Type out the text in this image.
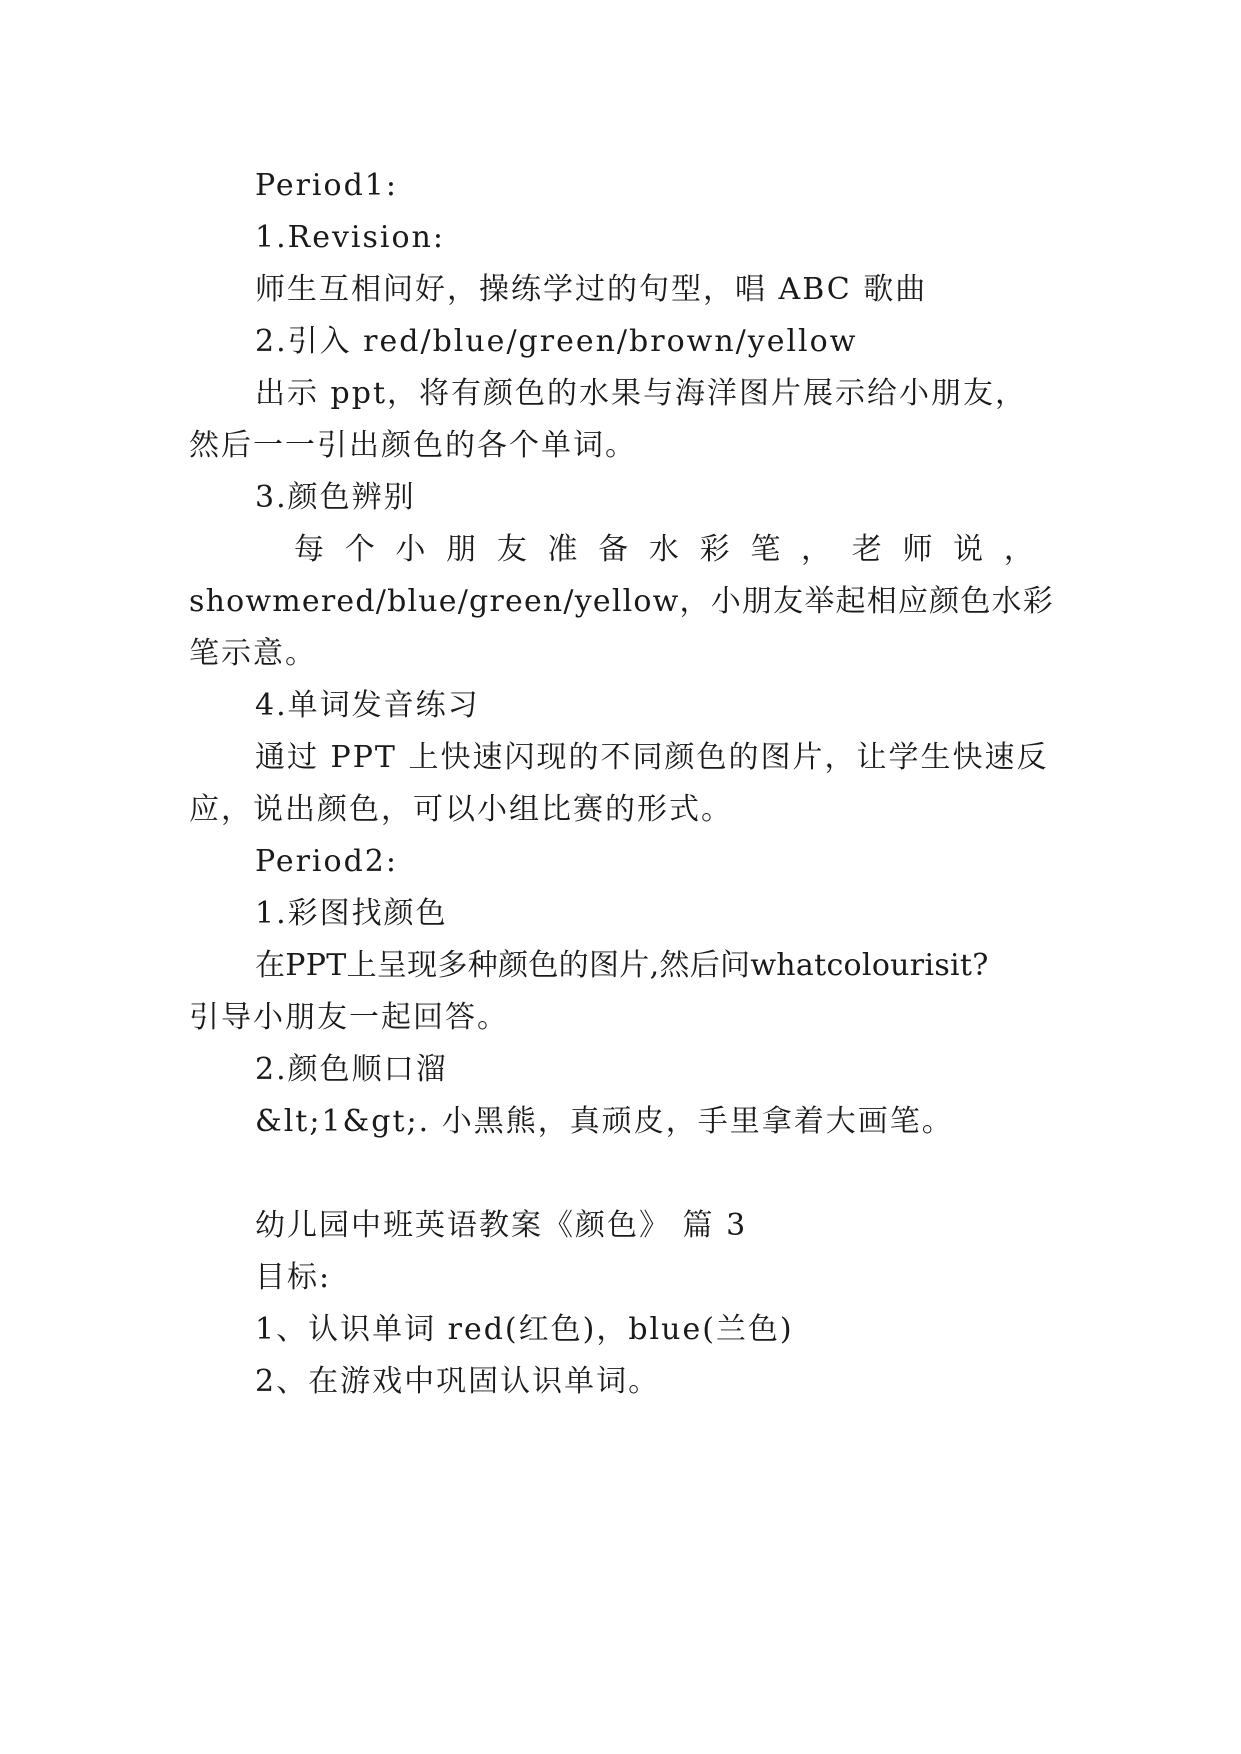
Period1:
1.Revision:
师生互相问好，操练学过的句型，唱 ABC 歌曲
2.引入 red/blue/green/brown/yellow
出示 ppt，将有颜色的水果与海洋图片展示给小朋友，
然后一一引出颜色的各个单词。
3.颜色辨别
每 个 小 朋 友 准 备 水 彩 笔 ， 老 师 说 ，
showmered/blue/green/yellow，小朋友举起相应颜色水彩
笔示意。
4.单词发音练习
通过 PPT 上快速闪现的不同颜色的图片，让学生快速反
应，说出颜色，可以小组比赛的形式。
Period2:
1.彩图找颜色
在PPT上呈现多种颜色的图片,然后问whatcolourisit?
引导小朋友一起回答。
2.颜色顺口溜
&lt;1&gt;. 小黑熊，真顽皮，手里拿着大画笔。
幼儿园中班英语教案《颜色》 篇 3
目标:
1、认识单词 red(红色)，blue(兰色)
2、在游戏中巩固认识单词。
